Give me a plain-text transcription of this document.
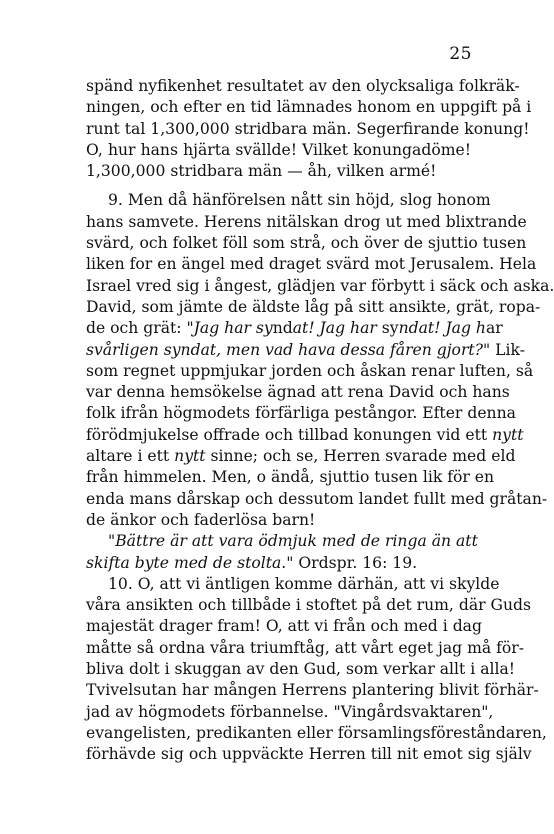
25
spänd nyfikenhet resultatet av den olycksaliga folkräk-
ningen, och efter en tid lämnades honom en uppgift på i
runt tal 1,300,000 stridbara män. Segerfirande konung!
O, hur hans hjärta svällde! Vilket konungadöme!
1,300,000 stridbara män — åh, vilken armé!
9. Men då hänförelsen nått sin höjd, slog honom
hans samvete. Herens nitälskan drog ut med blixtrande
svärd, och folket föll som strå, och över de sjuttio tusen
liken for en ängel med draget svärd mot Jerusalem. Hela
Israel vred sig i ångest, glädjen var förbytt i säck och aska.
David, som jämte de äldste låg på sitt ansikte, grät, ropa-
de och grät: "Jag har syndat! Jag har syndat! Jag har
svårligen syndat, men vad hava dessa fåren gjort?" Lik-
som regnet uppmjukar jorden och åskan renar luften, så
var denna hemsökelse ägnad att rena David och hans
folk ifrån högmodets förfärliga pestångor. Efter denna
förödmjukelse offrade och tillbad konungen vid ett nytt
altare i ett nytt sinne; och se, Herren svarade med eld
från himmelen. Men, o ändå, sjuttio tusen lik för en
enda mans dårskap och dessutom landet fullt med gråtan-
de änkor och faderlösa barn!
"Bättre är att vara ödmjuk med de ringa än att
skifta byte med de stolta." Ordspr. 16: 19.
10. O, att vi äntligen komme därhän, att vi skylde
våra ansikten och tillbåde i stoftet på det rum, där Guds
majestät drager fram! O, att vi från och med i dag
måtte så ordna våra triumftåg, att vårt eget jag må för-
bliva dolt i skuggan av den Gud, som verkar allt i alla!
Tvivelsutan har mången Herrens plantering blivit förhär-
jad av högmodets förbannelse. "Vingårdsvaktaren",
evangelisten, predikanten eller församlingsföreståndaren,
förhävde sig och uppväckte Herren till nit emot sig själv
